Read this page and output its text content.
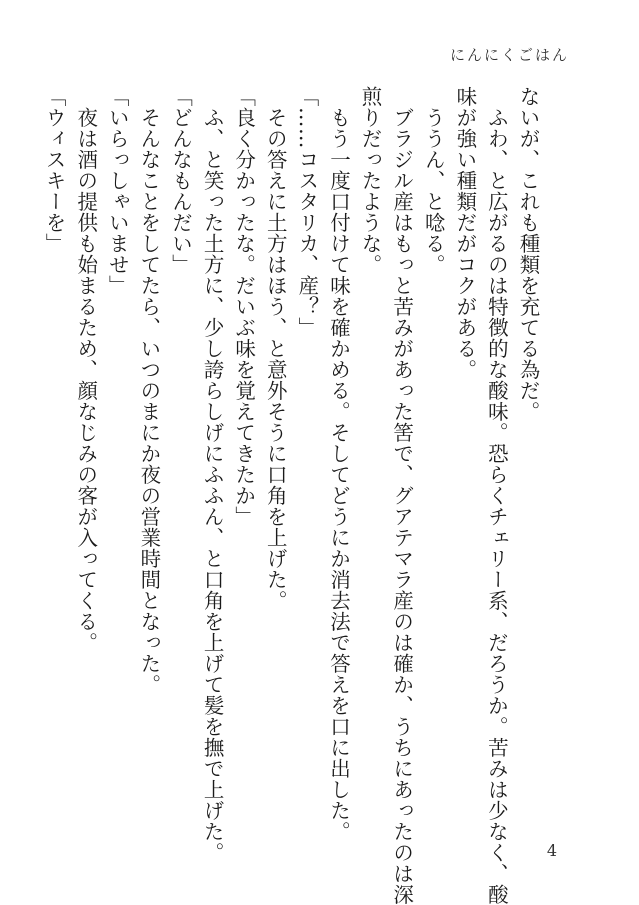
にんにくごはん

ないが、これも種類を充てる為だ。

　ふわ、と広がるのは特徴的な酸味。恐らくチェリー系、だろうか。苦みは少なく、酸

味が強い種類だがコクがある。

　ううん、と唸る。

　ブラジル産はもっと苦みがあった筈で、グアテマラ産のは確か、うちにあったのは深

煎りだったような。

　もう一度口付けて味を確かめる。そしてどうにか消去法で答えを口に出した。

「……コスタリカ、産？」

　その答えに土方はほう、と意外そうに口角を上げた。

「良く分かったな。だいぶ味を覚えてきたか」

　ふ、と笑った土方に、少し誇らしげにふふん、と口角を上げて髪を撫で上げた。

「どんなもんだい」

　そんなことをしてたら、いつのまにか夜の営業時間となった。

「いらっしゃいませ」

　夜は酒の提供も始まるため、顔なじみの客が入ってくる。

「ウィスキーを」

4
